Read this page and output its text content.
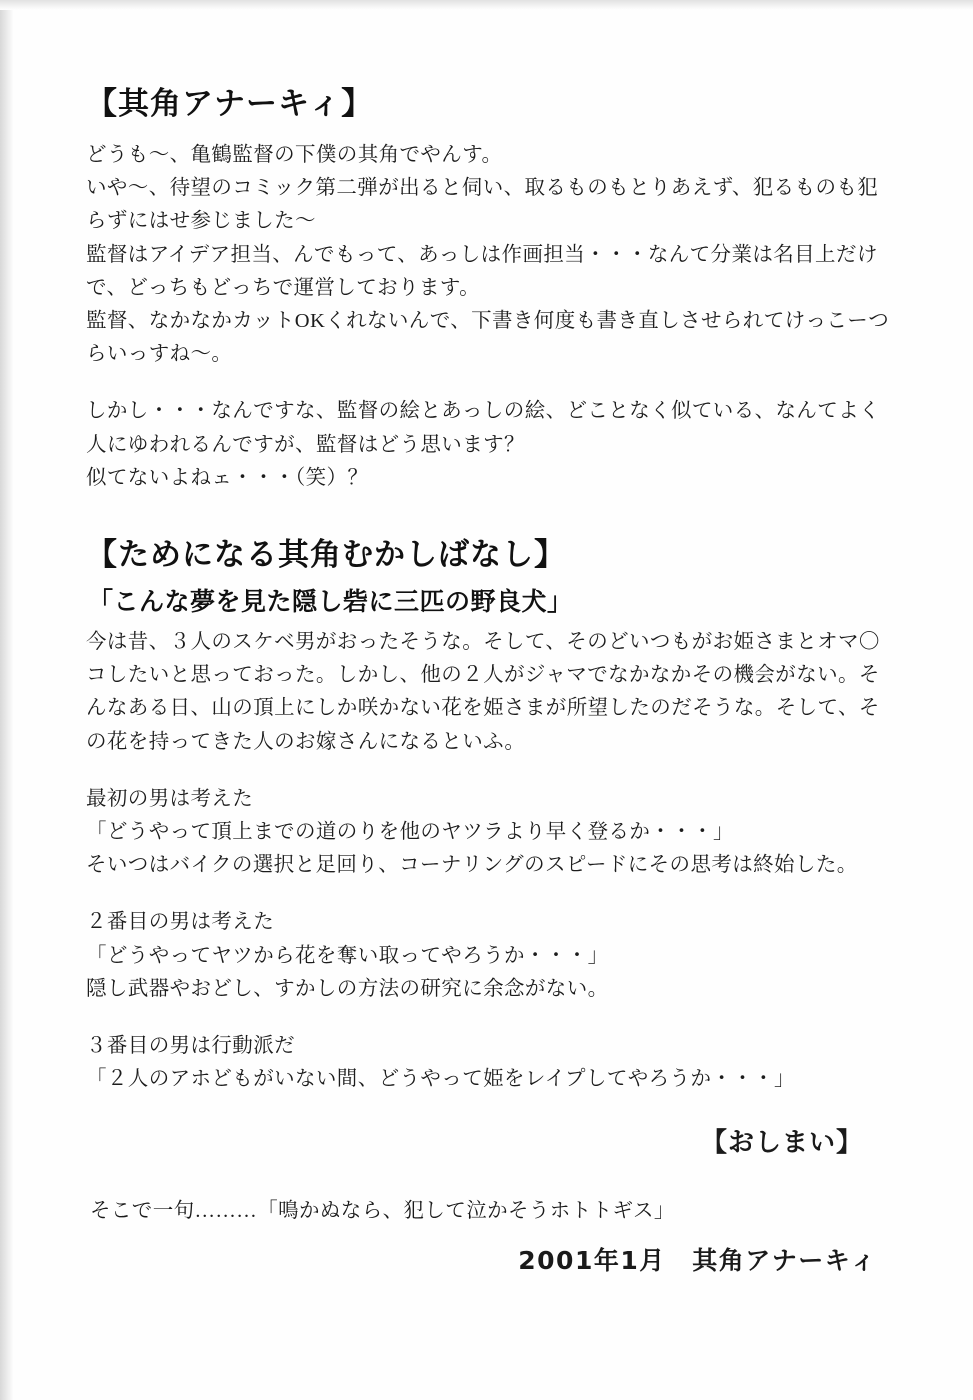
【其角アナーキィ】

どうも〜、亀鶴監督の下僕の其角でやんす。

いや〜、待望のコミック第二弾が出ると伺い、取るものもとりあえず、犯るものも犯らずにはせ参じました〜

監督はアイデア担当、んでもって、あっしは作画担当・・・なんて分業は名目上だけで、どっちもどっちで運営しております。

監督、なかなかカットOKくれないんで、下書き何度も書き直しさせられてけっこーつらいっすね〜。

しかし・・・なんですな、監督の絵とあっしの絵、どことなく似ている、なんてよく人にゆわれるんですが、監督はどう思います？

似てないよねェ・・・（笑）？

【ためになる其角むかしばなし】
「こんな夢を見た隠し砦に三匹の野良犬」

今は昔、３人のスケベ男がおったそうな。そして、そのどいつもがお姫さまとオマ〇コしたいと思っておった。しかし、他の２人がジャマでなかなかその機会がない。そんなある日、山の頂上にしか咲かない花を姫さまが所望したのだそうな。そして、その花を持ってきた人のお嫁さんになるといふ。

最初の男は考えた

「どうやって頂上までの道のりを他のヤツラより早く登るか・・・」

そいつはバイクの選択と足回り、コーナリングのスピードにその思考は終始した。

２番目の男は考えた

「どうやってヤツから花を奪い取ってやろうか・・・」

隠し武器やおどし、すかしの方法の研究に余念がない。

３番目の男は行動派だ

「２人のアホどもがいない間、どうやって姫をレイプしてやろうか・・・」

【おしまい】
そこで一句………「鳴かぬなら、犯して泣かそうホトトギス」
2001年1月　其角アナーキィ
